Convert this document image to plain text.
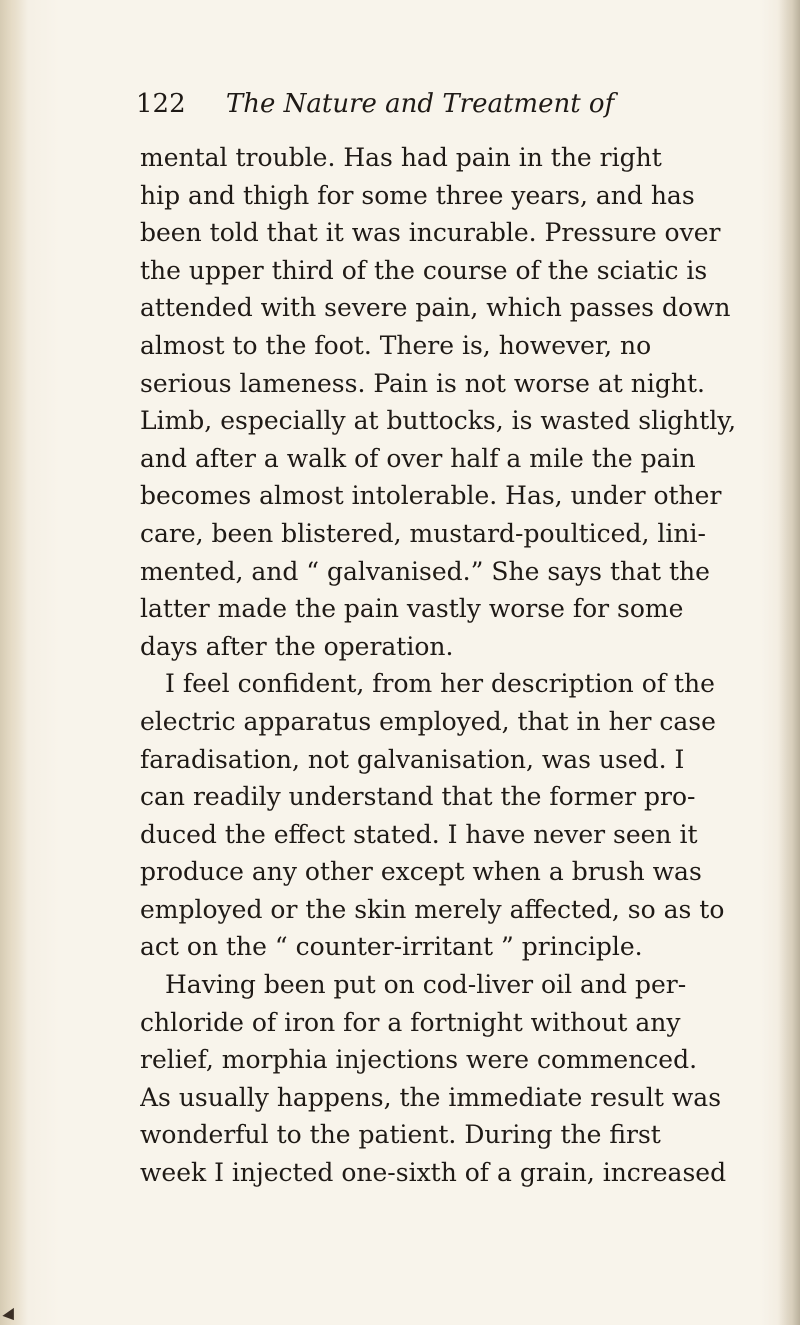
122 The Nature and Treatment of
mental trouble. Has had pain in the right
hip and thigh for some three years, and has
been told that it was incurable. Pressure over
the upper third of the course of the sciatic is
attended with severe pain, which passes down
almost to the foot. There is, however, no
serious lameness. Pain is not worse at night.
Limb, especially at buttocks, is wasted slightly,
and after a walk of over half a mile the pain
becomes almost intolerable. Has, under other
care, been blistered, mustard-poulticed, lini-
mented, and “ galvanised.” She says that the
latter made the pain vastly worse for some
days after the operation.
I feel confident, from her description of the
electric apparatus employed, that in her case
faradisation, not galvanisation, was used. I
can readily understand that the former pro-
duced the effect stated. I have never seen it
produce any other except when a brush was
employed or the skin merely affected, so as to
act on the “ counter-irritant ” principle.
Having been put on cod-liver oil and per-
chloride of iron for a fortnight without any
relief, morphia injections were commenced.
As usually happens, the immediate result was
wonderful to the patient. During the first
week I injected one-sixth of a grain, increased
